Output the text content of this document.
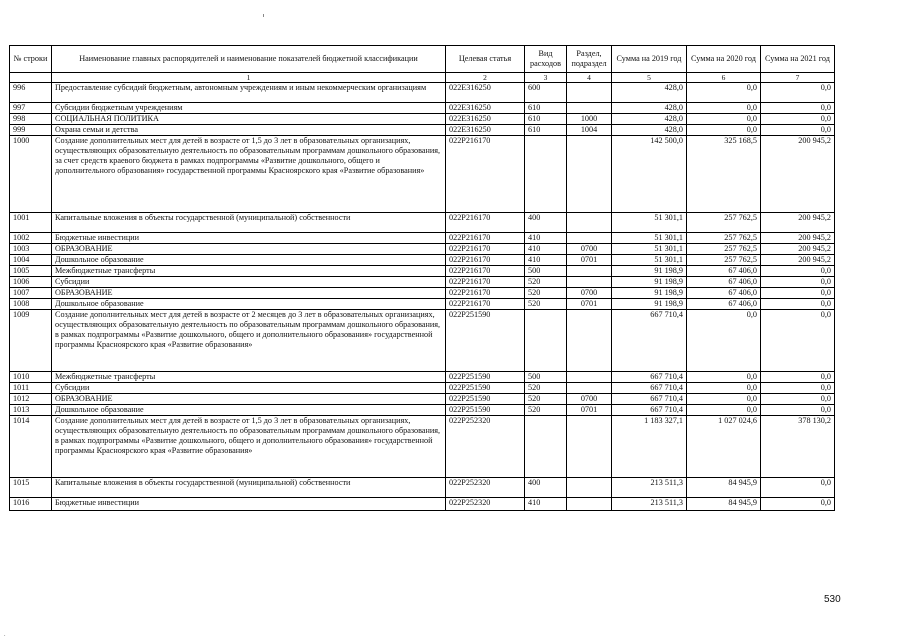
№ строки	Наименование главных распорядителей и наименование показателей бюджетной классификации	Целевая статья	Вид расходов	Раздел, подраздел	Сумма на 2019 год	Сумма на 2020 год	Сумма на 2021 год
	1	2	3	4	5	6	7
996	Предоставление субсидий бюджетным, автономным учреждениям и иным некоммерческим организациям	022E316250	600		428,0	0,0	0,0
997	Субсидии бюджетным учреждениям	022E316250	610		428,0	0,0	0,0
998	СОЦИАЛЬНАЯ ПОЛИТИКА	022E316250	610	1000	428,0	0,0	0,0
999	Охрана семьи и детства	022E316250	610	1004	428,0	0,0	0,0
1000	Создание дополнительных мест для детей в возрасте от 1,5 до 3 лет в образовательных организациях, осуществляющих образовательную деятельность по образовательным программам дошкольного образования, за счет средств краевого бюджета в рамках подпрограммы «Развитие дошкольного, общего и дополнительного образования» государственной программы Красноярского края «Развитие образования»	022P216170			142 500,0	325 168,5	200 945,2
1001	Капитальные вложения в объекты государственной (муниципальной) собственности	022P216170	400		51 301,1	257 762,5	200 945,2
1002	Бюджетные инвестиции	022P216170	410		51 301,1	257 762,5	200 945,2
1003	ОБРАЗОВАНИЕ	022P216170	410	0700	51 301,1	257 762,5	200 945,2
1004	Дошкольное образование	022P216170	410	0701	51 301,1	257 762,5	200 945,2
1005	Межбюджетные трансферты	022P216170	500		91 198,9	67 406,0	0,0
1006	Субсидии	022P216170	520		91 198,9	67 406,0	0,0
1007	ОБРАЗОВАНИЕ	022P216170	520	0700	91 198,9	67 406,0	0,0
1008	Дошкольное образование	022P216170	520	0701	91 198,9	67 406,0	0,0
1009	Создание дополнительных мест для детей в возрасте от 2 месяцев до 3 лет в образовательных организациях, осуществляющих образовательную деятельность по образовательным программам дошкольного образования, в рамках подпрограммы «Развитие дошкольного, общего и дополнительного образования» государственной программы Красноярского края «Развитие образования»	022P251590			667 710,4	0,0	0,0
1010	Межбюджетные трансферты	022P251590	500		667 710,4	0,0	0,0
1011	Субсидии	022P251590	520		667 710,4	0,0	0,0
1012	ОБРАЗОВАНИЕ	022P251590	520	0700	667 710,4	0,0	0,0
1013	Дошкольное образование	022P251590	520	0701	667 710,4	0,0	0,0
1014	Создание дополнительных мест для детей в возрасте от 1,5 до 3 лет в образовательных организациях, осуществляющих образовательную деятельность по образовательным программам дошкольного образования, в рамках подпрограммы «Развитие дошкольного, общего и дополнительного образования» государственной программы Красноярского края «Развитие образования»	022P252320			1 183 327,1	1 027 024,6	378 130,2
1015	Капитальные вложения в объекты государственной (муниципальной) собственности	022P252320	400		213 511,3	84 945,9	0,0
1016	Бюджетные инвестиции	022P252320	410		213 511,3	84 945,9	0,0
530
.
